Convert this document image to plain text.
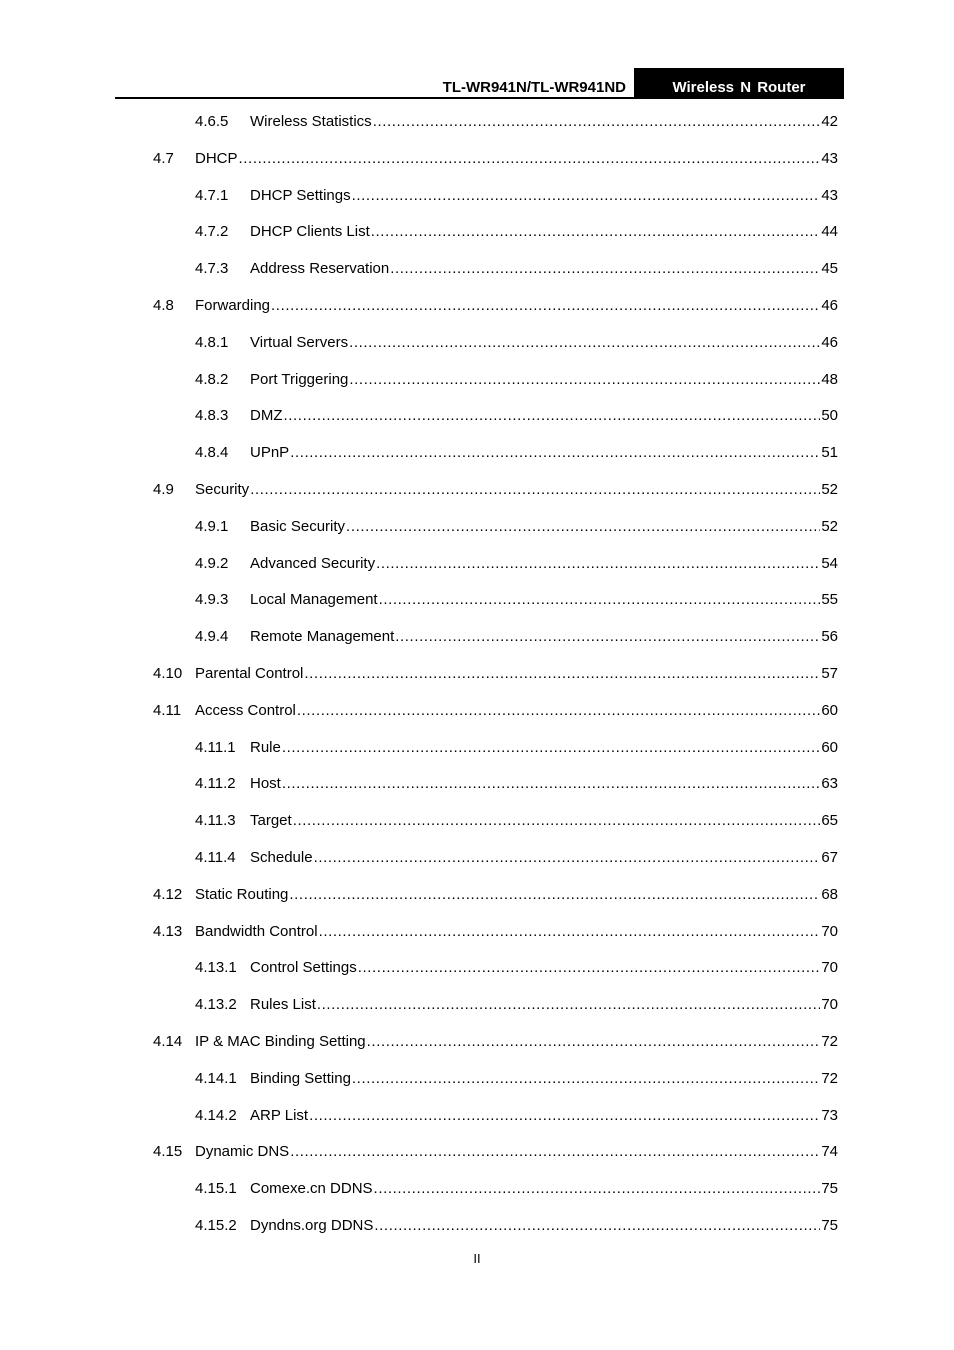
TL-WR941N/TL-WR941ND	Wireless N Router
4.6.5 Wireless Statistics .....	42
4.7 DHCP .....	43
4.7.1 DHCP Settings .....	43
4.7.2 DHCP Clients List .....	44
4.7.3 Address Reservation .....	45
4.8 Forwarding .....	46
4.8.1 Virtual Servers .....	46
4.8.2 Port Triggering .....	48
4.8.3 DMZ .....	50
4.8.4 UPnP .....	51
4.9 Security .....	52
4.9.1 Basic Security .....	52
4.9.2 Advanced Security .....	54
4.9.3 Local Management .....	55
4.9.4 Remote Management .....	56
4.10 Parental Control .....	57
4.11 Access Control .....	60
4.11.1 Rule .....	60
4.11.2 Host .....	63
4.11.3 Target .....	65
4.11.4 Schedule .....	67
4.12 Static Routing .....	68
4.13 Bandwidth Control .....	70
4.13.1 Control Settings .....	70
4.13.2 Rules List .....	70
4.14 IP & MAC Binding Setting .....	72
4.14.1 Binding Setting .....	72
4.14.2 ARP List .....	73
4.15 Dynamic DNS .....	74
4.15.1 Comexe.cn DDNS .....	75
4.15.2 Dyndns.org DDNS .....	75
II
